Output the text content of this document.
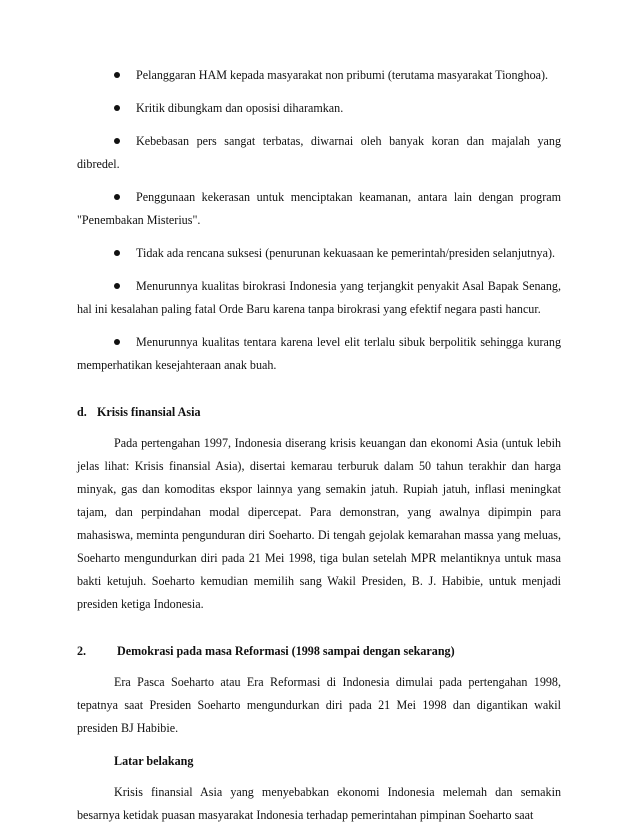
Pelanggaran HAM kepada masyarakat non pribumi (terutama masyarakat Tionghoa).

Kritik dibungkam dan oposisi diharamkan.

Kebebasan pers sangat terbatas, diwarnai oleh banyak koran dan majalah yang dibredel.

Penggunaan kekerasan untuk menciptakan keamanan, antara lain dengan program "Penembakan Misterius".

Tidak ada rencana suksesi (penurunan kekuasaan ke pemerintah/presiden selanjutnya).

Menurunnya kualitas birokrasi Indonesia yang terjangkit penyakit Asal Bapak Senang, hal ini kesalahan paling fatal Orde Baru karena tanpa birokrasi yang efektif negara pasti hancur.

Menurunnya kualitas tentara karena level elit terlalu sibuk berpolitik sehingga kurang memperhatikan kesejahteraan anak buah.

d. Krisis finansial Asia

Pada pertengahan 1997, Indonesia diserang krisis keuangan dan ekonomi Asia (untuk lebih jelas lihat: Krisis finansial Asia), disertai kemarau terburuk dalam 50 tahun terakhir dan harga minyak, gas dan komoditas ekspor lainnya yang semakin jatuh. Rupiah jatuh, inflasi meningkat tajam, dan perpindahan modal dipercepat. Para demonstran, yang awalnya dipimpin para mahasiswa, meminta pengunduran diri Soeharto. Di tengah gejolak kemarahan massa yang meluas, Soeharto mengundurkan diri pada 21 Mei 1998, tiga bulan setelah MPR melantiknya untuk masa bakti ketujuh. Soeharto kemudian memilih sang Wakil Presiden, B. J. Habibie, untuk menjadi presiden ketiga Indonesia.

2.	Demokrasi pada masa Reformasi (1998 sampai dengan sekarang)

Era Pasca Soeharto atau Era Reformasi di Indonesia dimulai pada pertengahan 1998, tepatnya saat Presiden Soeharto mengundurkan diri pada 21 Mei 1998 dan digantikan wakil presiden BJ Habibie.

Latar belakang

Krisis finansial Asia yang menyebabkan ekonomi Indonesia melemah dan semakin besarnya ketidak puasan masyarakat Indonesia terhadap pemerintahan pimpinan Soeharto saat
